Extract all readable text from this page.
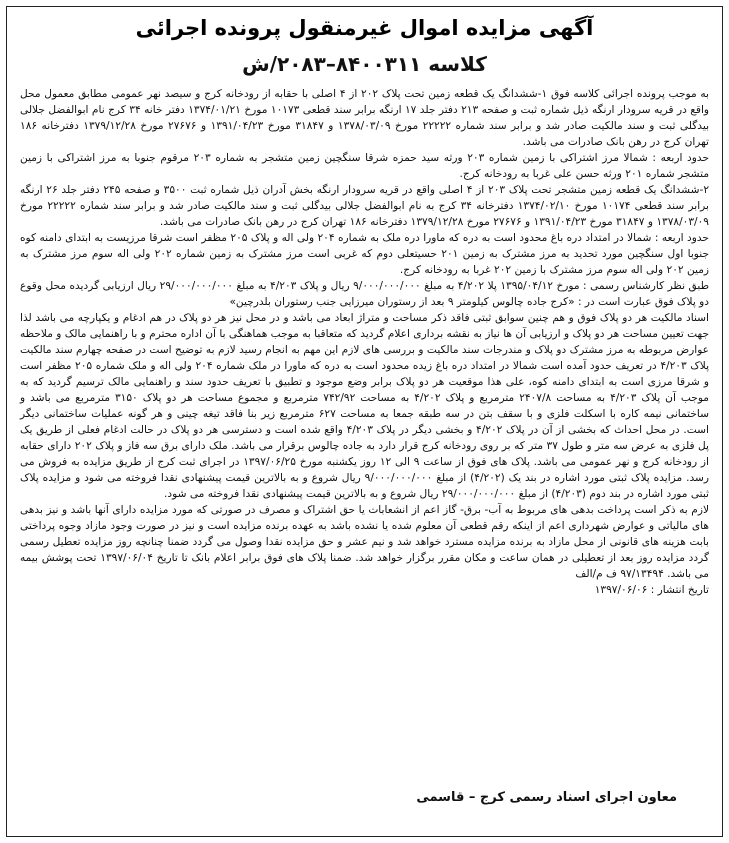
آگهی مزایده اموال غیرمنقول پرونده اجرائی
کلاسه ۸۴۰۰۳۱۱–۲۰۸۳/ش

به موجب پرونده اجرائی کلاسه فوق ۱-ششدانگ یک قطعه زمین تحت پلاک ۲۰۲ از ۴ اصلی با حقابه از رودخانه کرج و سیصد نهر عمومی مطابق معمول محل واقع در قریه سرودار ارنگه ذیل شماره ثبت و صفحه ۲۱۳ دفتر جلد ۱۷ ارنگه برابر سند قطعی ۱۰۱۷۳ مورخ ۱۳۷۴/۰۱/۲۱ دفتر خانه ۳۴ کرج نام ابوالفضل جلالی بیدگلی ثبت و سند مالکیت صادر شد و برابر سند شماره ۲۲۲۲۲ مورخ ۱۳۷۸/۰۳/۰۹ و ۳۱۸۴۷ مورخ ۱۳۹۱/۰۴/۲۳ و ۲۷۶۷۶ مورخ ۱۳۷۹/۱۲/۲۸ دفترخانه ۱۸۶ تهران کرج در رهن بانک صادرات می باشد.

حدود اربعه : شمالا مرز اشتراکی با زمین شماره ۲۰۳ ورثه سید حمزه شرقا سنگچین زمین متشجر به شماره ۲۰۳ مرقوم جنوبا به مرز اشتراکی با زمین متشجر شماره ۲۰۱ ورثه حسن علی غربا به رودخانه کرج.

۲-ششدانگ یک قطعه زمین متشجر تحت پلاک ۲۰۳ از ۴ اصلی واقع در قریه سرودار ارنگه بخش آدران ذیل شماره ثبت ۳۵۰۰ و صفحه ۲۴۵ دفتر جلد ۲۶ ارنگه برابر سند قطعی ۱۰۱۷۴ مورخ ۱۳۷۴/۰۲/۱۰ دفترخانه ۳۴ کرج به نام ابوالفضل جلالی بیدگلی ثبت و سند مالکیت صادر شد و برابر سند شماره ۲۲۲۲۲ مورخ ۱۳۷۸/۰۳/۰۹ و ۳۱۸۴۷ مورخ ۱۳۹۱/۰۴/۲۳ و ۲۷۶۷۶ مورخ ۱۳۷۹/۱۲/۲۸ دفترخانه ۱۸۶ تهران کرج در رهن بانک صادرات می باشد.

حدود اربعه : شمالا در امتداد دره باغ محدود است به دره که ماورا دره ملک به شماره ۲۰۴ ولی اله و پلاک ۲۰۵ مظفر است شرقا مرزیست به ابتدای دامنه کوه جنوبا اول سنگچین مورد تحدید به مرز مشترک به زمین ۲۰۱ حسیتعلی دوم که غربی است مرز مشترک به زمین شماره ۲۰۲ ولی اله سوم مرز مشترک به زمین ۲۰۲ ولی اله سوم مرز مشترک با زمین ۲۰۲ غربا به رودخانه کرج.

طبق نظر کارشناس رسمی : مورخ ۱۳۹۵/۰۴/۱۲ پلا ۴/۲۰۲ به مبلغ ۹/۰۰۰/۰۰۰/۰۰۰ ریال و پلاک ۴/۲۰۳ به مبلغ ۲۹/۰۰۰/۰۰۰/۰۰۰ ریال ارزیابی گردیده محل وقوع دو پلاک فوق عبارت است در : «کرج جاده چالوس کیلومتر ۹ بعد از رستوران میرزایی جنب رستوران بلدرچین»

اسناد مالکیت هر دو پلاک فوق و هم چنین سوابق ثبتی فاقد ذکر مساحت و متراژ ابعاد می باشد و در محل نیز هر دو پلاک در هم ادغام و یکپارچه می باشد لذا جهت تعیین مساحت هر دو پلاک و ارزیابی آن ها نیاز به نقشه برداری اعلام گردید که متعاقبا به موجب هماهنگی با آن اداره محترم و با راهنمایی مالک و ملاحظه عوارض مربوطه به مرز مشترک دو پلاک و مندرجات سند مالکیت و بررسی های لازم این مهم به انجام رسید لازم به توضیح است در صفحه چهارم سند مالکیت پلاک ۴/۲۰۳ در تعریف حدود آمده است شمالا در امتداد دره باغ زیده محدود است به دره که ماورا در ملک شماره ۲۰۴ ولی اله و ملک شماره ۲۰۵ مظفر است و شرقا مرزی است به ابتدای دامنه کوه، علی هذا موقعیت هر دو پلاک برابر وضع موجود و تطبیق با تعریف حدود سند و راهنمایی مالک ترسیم گردید که به موجب آن پلاک ۴/۲۰۳ به مساحت ۲۴۰۷/۸ مترمربع و پلاک ۴/۲۰۲ به مساحت ۷۴۲/۹۲ مترمربع و مجموع مساحت هر دو پلاک ۳۱۵۰ مترمربع می باشد و ساختمانی نیمه کاره با اسکلت فلزی و با سقف بتن در سه طبقه جمعا به مساحت ۶۲۷ مترمربع زیر بنا فاقد تیغه چینی و هر گونه عملیات ساختمانی دیگر است. در محل احداث که بخشی از آن در پلاک ۴/۲۰۲ و بخشی دیگر در پلاک ۴/۲۰۳ واقع شده است و دسترسی هر دو پلاک در حالت ادغام فعلی از طریق یک پل فلزی به عرض سه متر و طول ۳۷ متر که بر روی رودخانه کرج قرار دارد به جاده چالوس برقرار می باشد. ملک دارای برق سه فاز و پلاک ۲۰۲ دارای حقابه از رودخانه کرج و نهر عمومی می باشد. پلاک های فوق از ساعت ۹ الی ۱۲ روز یکشنبه مورخ ۱۳۹۷/۰۶/۲۵ در اجرای ثبت کرج از طریق مزایده به فروش می رسد. مزایده پلاک ثبتی مورد اشاره در بند یک (۴/۲۰۲) از مبلغ ۹/۰۰۰/۰۰۰/۰۰۰ ریال شروع و به بالاترین قیمت پیشنهادی نقدا فروخته می شود و مزایده پلاک ثبتی مورد اشاره در بند دوم (۴/۲۰۳) از مبلغ ۲۹/۰۰۰/۰۰۰/۰۰۰ ریال شروع و به بالاترین قیمت پیشنهادی نقدا فروخته می شود.

لازم به ذکر است پرداخت بدهی های مربوط به آب- برق- گاز اعم از انشعابات یا حق اشتراک و مصرف در صورتی که مورد مزایده دارای آنها باشد و نیز بدهی های مالیاتی و عوارض شهرداری اعم از اینکه رقم قطعی آن معلوم شده یا نشده باشد به عهده برنده مزایده است و نیز در صورت وجود مازاد وجوه پرداختی بابت هزینه های قانونی از محل مازاد به برنده مزایده مسترد خواهد شد و نیم عشر و حق مزایده نقدا وصول می گردد ضمنا چنانچه روز مزایده تعطیل رسمی گردد مزایده روز بعد از تعطیلی در همان ساعت و مکان مقرر برگزار خواهد شد. ضمنا پلاک های فوق برابر اعلام بانک تا تاریخ ۱۳۹۷/۰۶/۰۴ تحت پوشش بیمه می باشد. ۹۷/۱۳۴۹۴ ف م/الف

تاریخ انتشار : ۱۳۹۷/۰۶/۰۶

معاون اجرای اسناد رسمی کرج – قاسمی
